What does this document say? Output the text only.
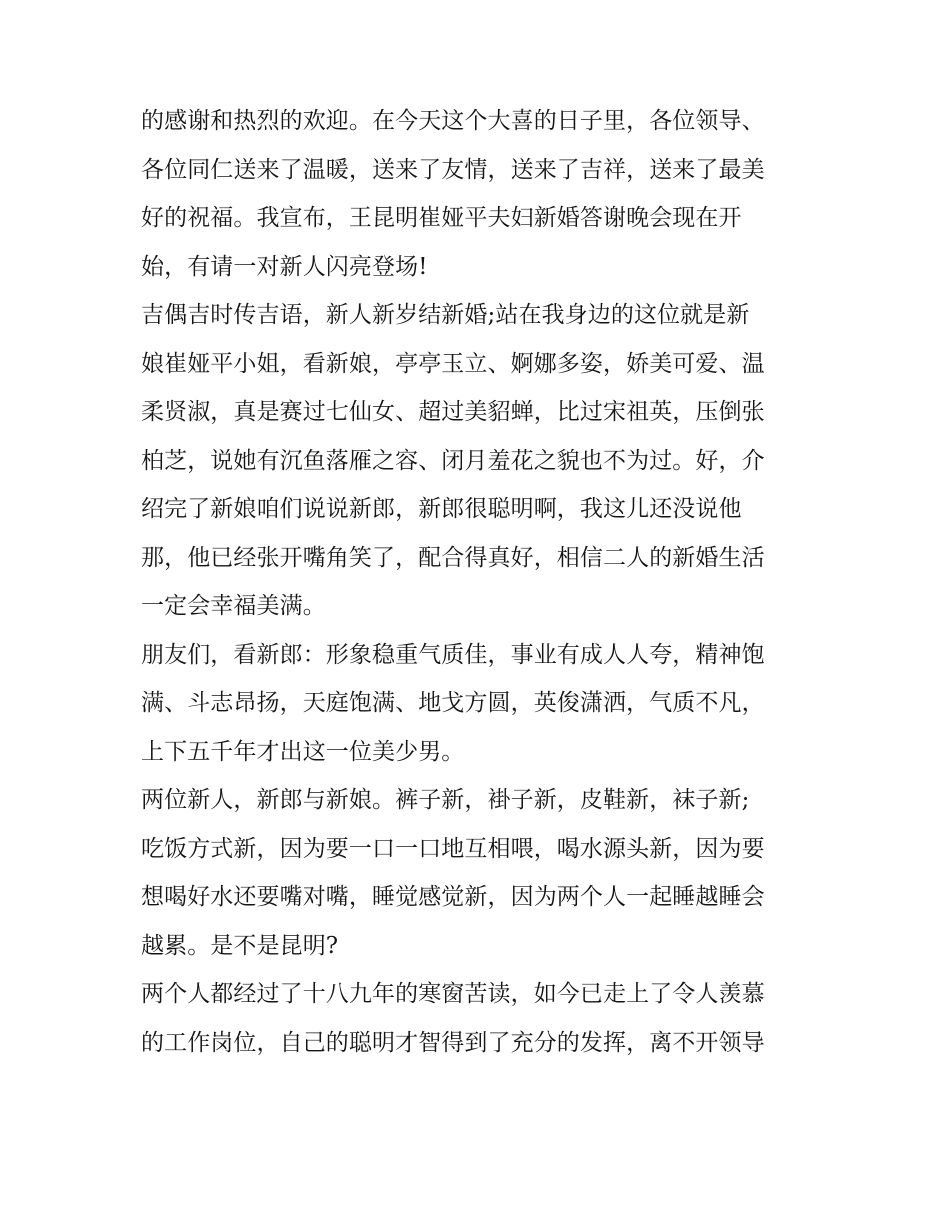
的感谢和热烈的欢迎。在今天这个大喜的日子里，各位领导、
各位同仁送来了温暖，送来了友情，送来了吉祥，送来了最美
好的祝福。我宣布，王昆明崔娅平夫妇新婚答谢晚会现在开
始，有请一对新人闪亮登场!
吉偶吉时传吉语，新人新岁结新婚;站在我身边的这位就是新
娘崔娅平小姐，看新娘，亭亭玉立、婀娜多姿，娇美可爱、温
柔贤淑，真是赛过七仙女、超过美貂蝉，比过宋祖英，压倒张
柏芝，说她有沉鱼落雁之容、闭月羞花之貌也不为过。好，介
绍完了新娘咱们说说新郎，新郎很聪明啊，我这儿还没说他
那，他已经张开嘴角笑了，配合得真好，相信二人的新婚生活
一定会幸福美满。
朋友们，看新郎：形象稳重气质佳，事业有成人人夸，精神饱
满、斗志昂扬，天庭饱满、地戈方圆，英俊潇洒，气质不凡，
上下五千年才出这一位美少男。
两位新人，新郎与新娘。裤子新，褂子新，皮鞋新，袜子新;
吃饭方式新，因为要一口一口地互相喂，喝水源头新，因为要
想喝好水还要嘴对嘴，睡觉感觉新，因为两个人一起睡越睡会
越累。是不是昆明?
两个人都经过了十八九年的寒窗苦读，如今已走上了令人羡慕
的工作岗位，自己的聪明才智得到了充分的发挥，离不开领导
